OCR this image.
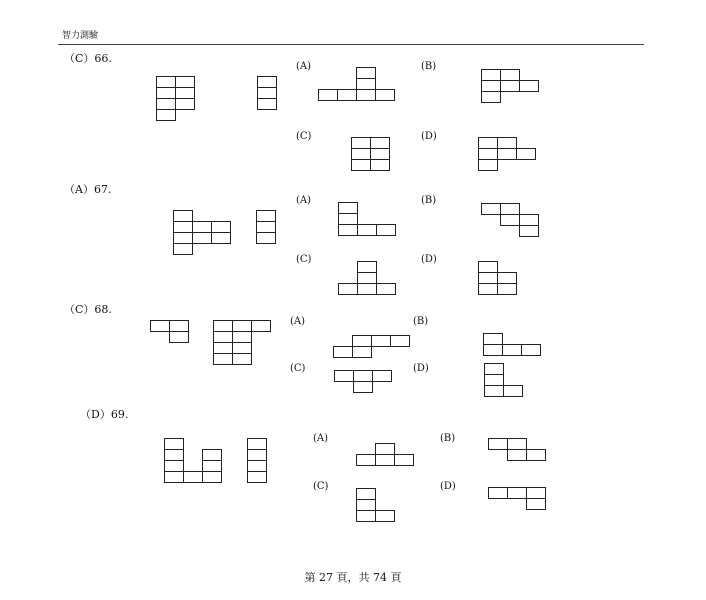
智力測驗
（C）66.
(A)	(B)
(C)	(D)
（A）67.
(A)	(B)
(C)	(D)
（C）68.
(A)	(B)
(C)	(D)
（D）69.
(A)	(B)
(C)	(D)
第 27 頁，共 74 頁
